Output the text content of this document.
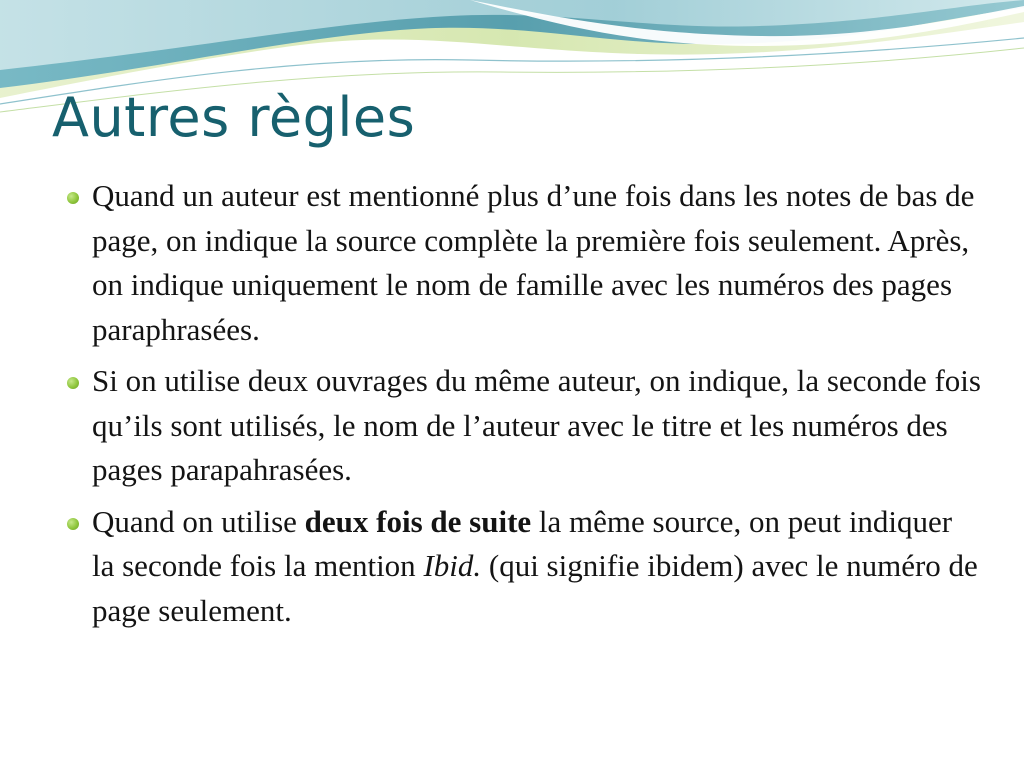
Autres règles
Quand un auteur est mentionné plus d’une fois dans les notes de bas de page, on indique la source complète la première fois seulement. Après, on indique uniquement le nom de famille avec les numéros des pages paraphrasées.
Si on utilise deux ouvrages du même auteur, on indique, la seconde fois qu’ils sont utilisés, le nom de l’auteur avec le titre et les numéros des pages parapahrasées.
Quand on utilise deux fois de suite la même source, on peut indiquer la seconde fois la mention Ibid. (qui signifie ibidem) avec le numéro de page seulement.
